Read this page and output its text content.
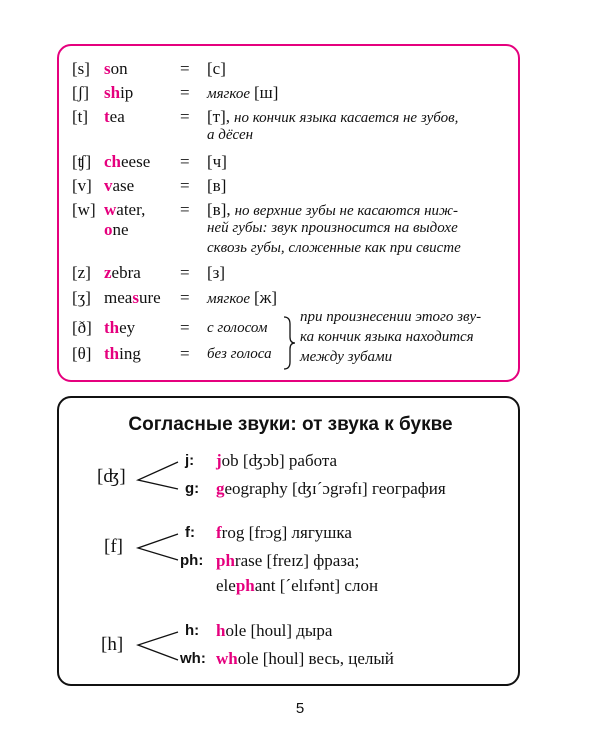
[s] son	= [с]
[ʃ] ship	= мягкое [ш]
[t] tea	= [т], но кончик языка касается не зубов,
а дёсен
[ʧ] cheese = [ч]
[v] vase	= [в]
[w] water,
one
= [в], но верхние зубы не касаются ниж-
ней губы: звук произносится на выдохе
сквозь губы, сложенные как при свисте
[z] zebra = [з]
[ʒ] measure = мягкое [ж]
[ð] they	= с голосом
[θ] thing = без голоса
при произнесении этого зву-
ка кончик языка находится
между зубами
Согласные звуки: от звука к букве
[ʤ]
j: job [ʤɔb] работа
g: geography [ʤɪˊɔgrəfɪ] география
[f]
f: frog [frɔg] лягушка
ph: phrase [freɪz] фраза;
elephant [ˊelɪfənt] слон
[h]
h: hole [houl] дыра
wh: whole [houl] весь, целый
5
